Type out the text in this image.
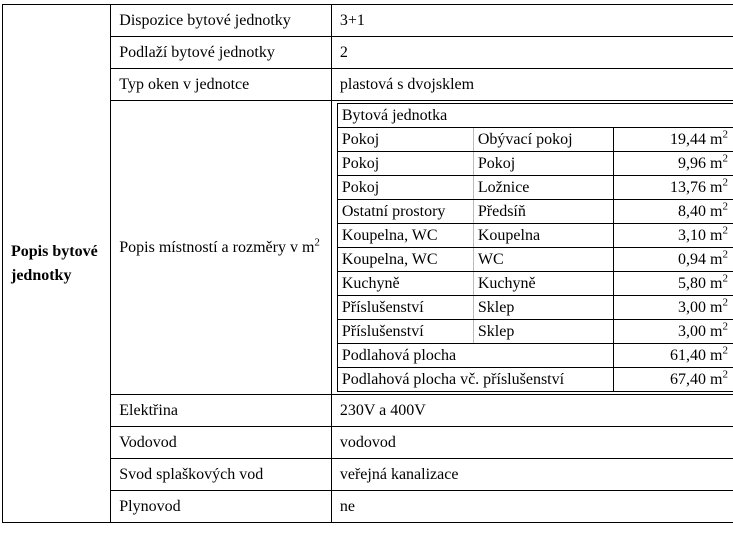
Popis bytové jednotky	Dispozice bytové jednotky	3+1
Podlaží bytové jednotky	2
Typ oken v jednotce	plastová s dvojsklem
Popis místností a rozměry v $m^2$	
Bytová jednotka
Pokoj	Obývací pokoj	19,44 $m^2$
Pokoj	Pokoj	9,96 $m^2$
Pokoj	Ložnice	13,76 $m^2$
Ostatní prostory	Předsíň	8,40 $m^2$
Koupelna, WC	Koupelna	3,10 $m^2$
Koupelna, WC	WC	0,94 $m^2$
Kuchyně	Kuchyně	5,80 $m^2$
Příslušenství	Sklep	3,00 $m^2$
Příslušenství	Sklep	3,00 $m^2$
Podlahová plocha	61,40 $m^2$
Podlahová plocha vč. příslušenství	67,40 $m^2$

Elektřina	230V a 400V
Vodovod	vodovod
Svod splaškových vod	veřejná kanalizace
Plynovod	ne
